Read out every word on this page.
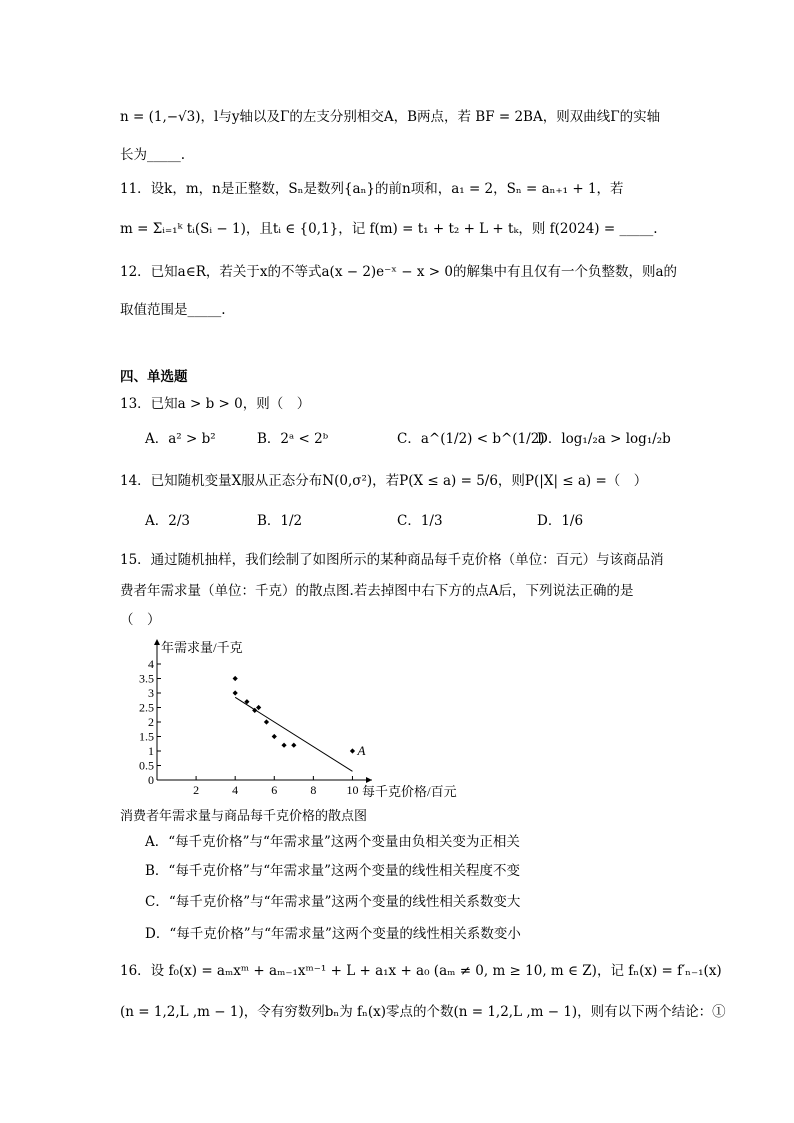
n = (1,−√3)，l与y轴以及Γ的左支分别相交A，B两点，若 BF = 2BA，则双曲线Γ的实轴
长为_____.
11．设k，m，n是正整数，Sₙ是数列{aₙ}的前n项和，a₁ = 2，Sₙ = aₙ₊₁ + 1，若
m = Σᵢ₌₁ᵏ tᵢ(Sᵢ − 1)，且tᵢ ∈ {0,1}，记 f(m) = t₁ + t₂ + L + tₖ，则 f(2024) = _____.
12．已知a∈R，若关于x的不等式a(x − 2)e⁻ˣ − x > 0的解集中有且仅有一个负整数，则a的
取值范围是_____.
四、单选题
13．已知a > b > 0，则（　）
A．a² > b²	B．2ᵃ < 2ᵇ	C．a^(1/2) < b^(1/2)
D．log₁/₂a > log₁/₂b
14．已知随机变量X服从正态分布N(0,σ²)，若P(X ≤ a) = 5/6，则P(|X| ≤ a) =（　）
A．2/3	B．1/2	C．1/3	D．1/6
15．通过随机抽样，我们绘制了如图所示的某种商品每千克价格（单位：百元）与该商品消
费者年需求量（单位：千克）的散点图.若去掉图中右下方的点A后，下列说法正确的是
（　）
0
0.5
1
1.5
2
2.5
3
3.5
4
2	4	6	8	10
年需求量/千克
每千克价格/百元
A
消费者年需求量与商品每千克价格的散点图
A．“每千克价格”与“年需求量”这两个变量由负相关变为正相关
B．“每千克价格”与“年需求量”这两个变量的线性相关程度不变
C．“每千克价格”与“年需求量”这两个变量的线性相关系数变大
D．“每千克价格”与“年需求量”这两个变量的线性相关系数变小
16．设 f₀(x) = aₘxᵐ + aₘ₋₁xᵐ⁻¹ + L + a₁x + a₀ (aₘ ≠ 0, m ≥ 10, m ∈ Z)，记 fₙ(x) = f′ₙ₋₁(x)
(n = 1,2,L ,m − 1)，令有穷数列bₙ为 fₙ(x)零点的个数(n = 1,2,L ,m − 1)，则有以下两个结论：①
